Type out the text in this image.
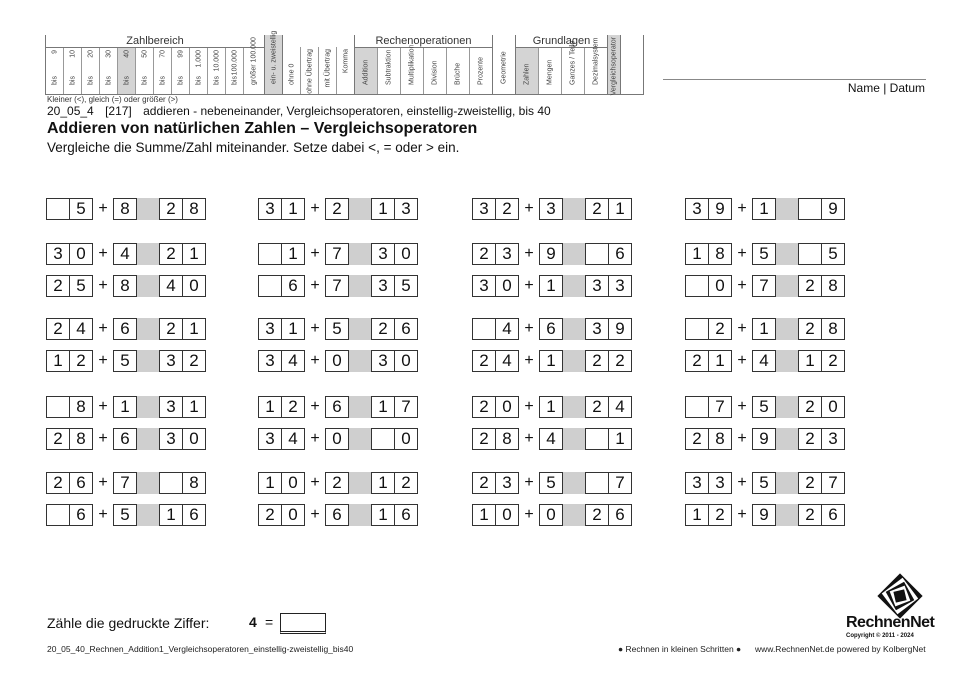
Zahlbereich
9
bis
10
bis
20
bis
30
bis
40
bis
50
bis
70
bis
99
bis
1.000
bis
10.000
bis
100.000
bis größer 100.000 ein- u. zweistellig ohne 0 ohne Übertrag mit Übertrag Komma
Rechenoperationen
Addition Subtraktion Multiplikation Division Brüche Prozente Geometrie
Grundlagen
Zahlen Mengen Ganzes / Teile Dezimalsystem Vergleichsoperator
Kleiner (<), gleich (=) oder größer (>)
20_05_4 [217] addieren - nebeneinander, Vergleichsoperatoren, einstellig-zweistellig, bis 40
Addieren von natürlichen Zahlen – Vergleichsoperatoren
Vergleiche die Summe/Zahl miteinander. Setze dabei <, = oder > ein.
Name | Datum
5 + 8	2 8	3 1 + 2	1 3	3 2 + 3	2 1	3 9 + 1	9
3 0 + 4	2 1	1 + 7	3 0	2 3 + 9	6	1 8 + 5	5
2 5 + 8	4 0	6 + 7	3 5	3 0 + 1	3 3	0 + 7	2 8
2 4 + 6	2 1	3 1 + 5	2 6	4 + 6	3 9	2 + 1	2 8
1 2 + 5	3 2	3 4 + 0	3 0	2 4 + 1	2 2	2 1 + 4	1 2
8 + 1	3 1	1 2 + 6	1 7	2 0 + 1	2 4	7 + 5	2 0
2 8 + 6	3 0	3 4 + 0	0	2 8 + 4	1	2 8 + 9	2 3
2 6 + 7	8	1 0 + 2	1 2	2 3 + 5	7	3 3 + 5	2 7
6 + 5	1 6	2 0 + 6	1 6	1 0 + 0	2 6	1 2 + 9	2 6
Zähle die gedruckte Ziffer:	4 =
20_05_40_Rechnen_Addition1_Vergleichsoperatoren_einstellig-zweistellig_bis40	● Rechnen in kleinen Schritten ● www.RechnenNet.de powered by KolbergNet
RechnenNet
Copyright © 2011 - 2024
